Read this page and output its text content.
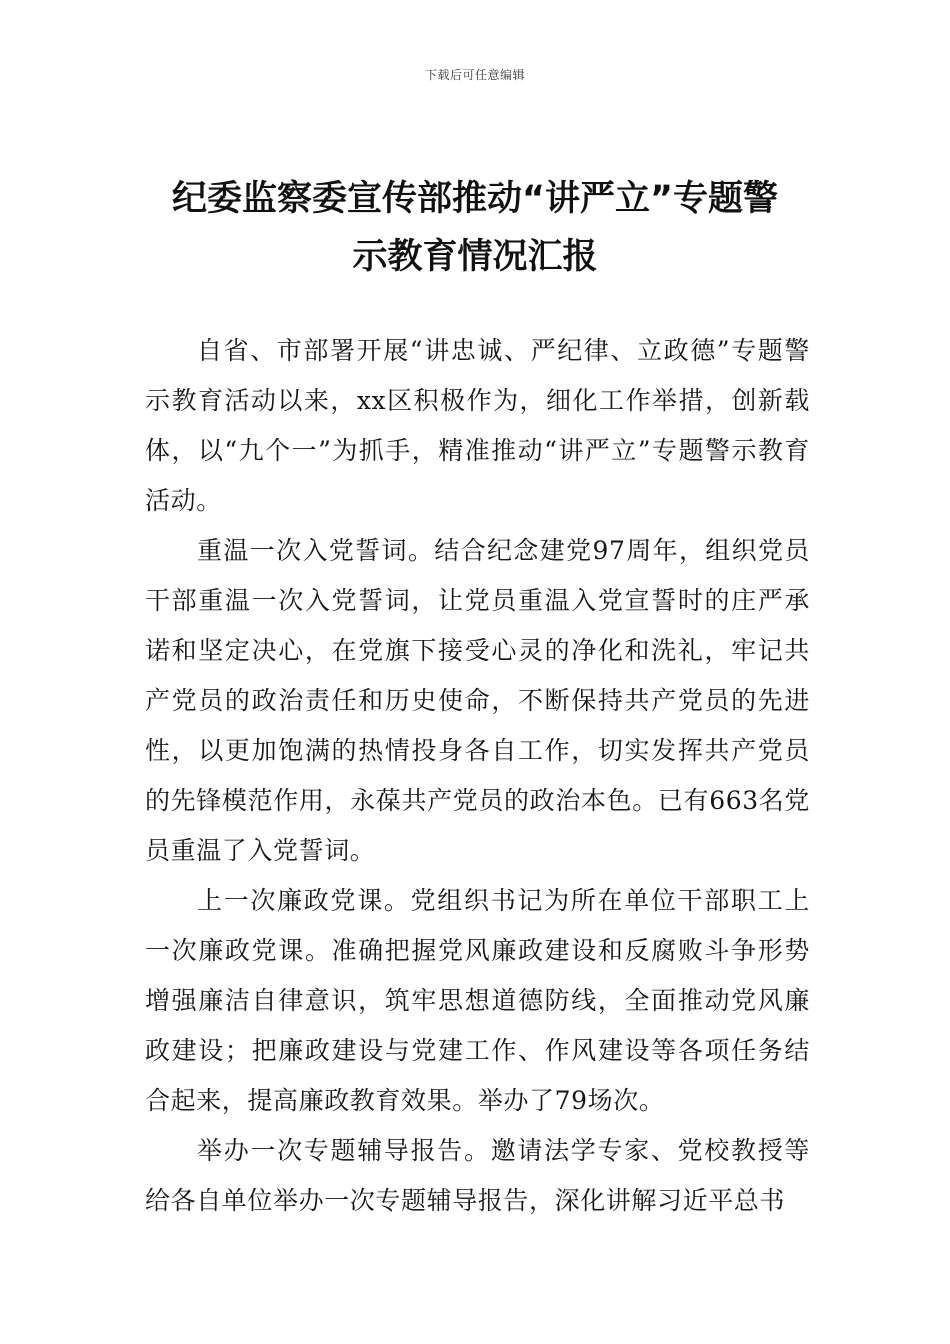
下载后可任意编辑
纪委监察委宣传部推动“讲严立”专题警
示教育情况汇报

自省、市部署开展“讲忠诚、严纪律、立政德”专题警示教育活动以来，xx区积极作为，细化工作举措，创新载体，以“九个一”为抓手，精准推动“讲严立”专题警示教育活动。

重温一次入党誓词。结合纪念建党97周年，组织党员干部重温一次入党誓词，让党员重温入党宣誓时的庄严承诺和坚定决心，在党旗下接受心灵的净化和洗礼，牢记共产党员的政治责任和历史使命，不断保持共产党员的先进性，以更加饱满的热情投身各自工作，切实发挥共产党员的先锋模范作用，永葆共产党员的政治本色。已有663名党员重温了入党誓词。

上一次廉政党课。党组织书记为所在单位干部职工上一次廉政党课。准确把握党风廉政建设和反腐败斗争形势增强廉洁自律意识，筑牢思想道德防线，全面推动党风廉政建设；把廉政建设与党建工作、作风建设等各项任务结合起来，提高廉政教育效果。举办了79场次。

举办一次专题辅导报告。邀请法学专家、党校教授等给各自单位举办一次专题辅导报告，深化讲解习近平总书
